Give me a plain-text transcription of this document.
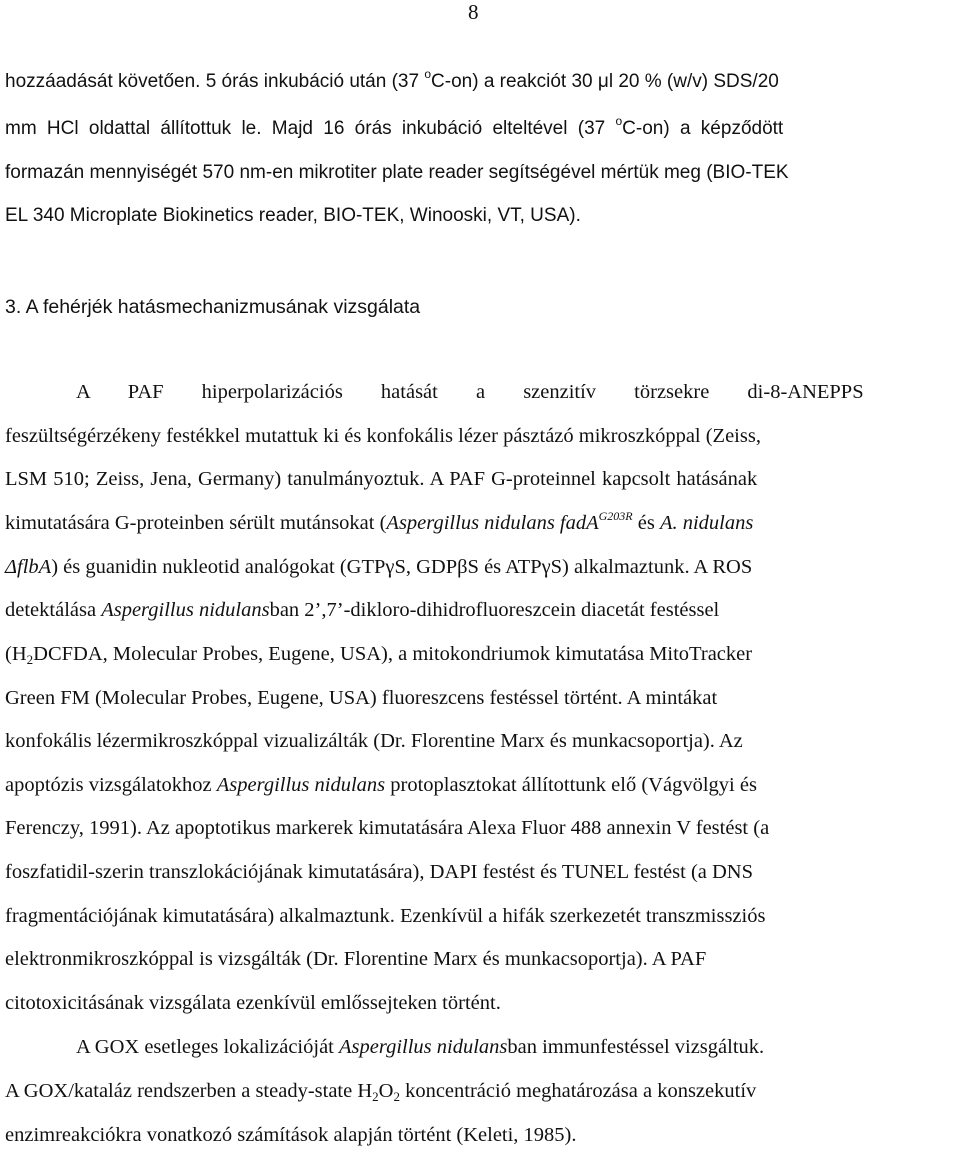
8
hozzáadását követően. 5 órás inkubáció után (37 $^o$C-on) a reakciót 30 μl 20 % (w/v) SDS/20
mm HCl oldattal állítottuk le. Majd 16 órás inkubáció elteltével (37 $^o$C-on) a képződött
formazán mennyiségét 570 nm-en mikrotiter plate reader segítségével mértük meg (BIO-TEK
EL 340 Microplate Biokinetics reader, BIO-TEK, Winooski, VT, USA).
3. A fehérjék hatásmechanizmusának vizsgálata
A PAF hiperpolarizációs hatását a szenzitív törzsekre di-8-ANEPPS
feszültségérzékeny festékkel mutattuk ki és konfokális lézer pásztázó mikroszkóppal (Zeiss,
LSM 510; Zeiss, Jena, Germany) tanulmányoztuk. A PAF G-proteinnel kapcsolt hatásának
kimutatására G-proteinben sérült mutánsokat (Aspergillus nidulans fadA$^{G203R}$ és A. nidulans
ΔflbA) és guanidin nukleotid analógokat (GTPγS, GDPβS és ATPγS) alkalmaztunk. A ROS
detektálása Aspergillus nidulansban 2’,7’-dikloro-dihidrofluoreszcein diacetát festéssel
($H_2DCFDA$, Molecular Probes, Eugene, USA), a mitokondriumok kimutatása MitoTracker
Green FM (Molecular Probes, Eugene, USA) fluoreszcens festéssel történt. A mintákat
konfokális lézermikroszkóppal vizualizálták (Dr. Florentine Marx és munkacsoportja). Az
apoptózis vizsgálatokhoz Aspergillus nidulans protoplasztokat állítottunk elő (Vágvölgyi és
Ferenczy, 1991). Az apoptotikus markerek kimutatására Alexa Fluor 488 annexin V festést (a
foszfatidil-szerin transzlokációjának kimutatására), DAPI festést és TUNEL festést (a DNS
fragmentációjának kimutatására) alkalmaztunk. Ezenkívül a hifák szerkezetét transzmissziós
elektronmikroszkóppal is vizsgálták (Dr. Florentine Marx és munkacsoportja). A PAF
citotoxicitásának vizsgálata ezenkívül emlőssejteken történt.
A GOX esetleges lokalizációját Aspergillus nidulansban immunfestéssel vizsgáltuk.
A GOX/kataláz rendszerben a steady-state $H_2O_2$ koncentráció meghatározása a konszekutív
enzimreakciókra vonatkozó számítások alapján történt (Keleti, 1985).
